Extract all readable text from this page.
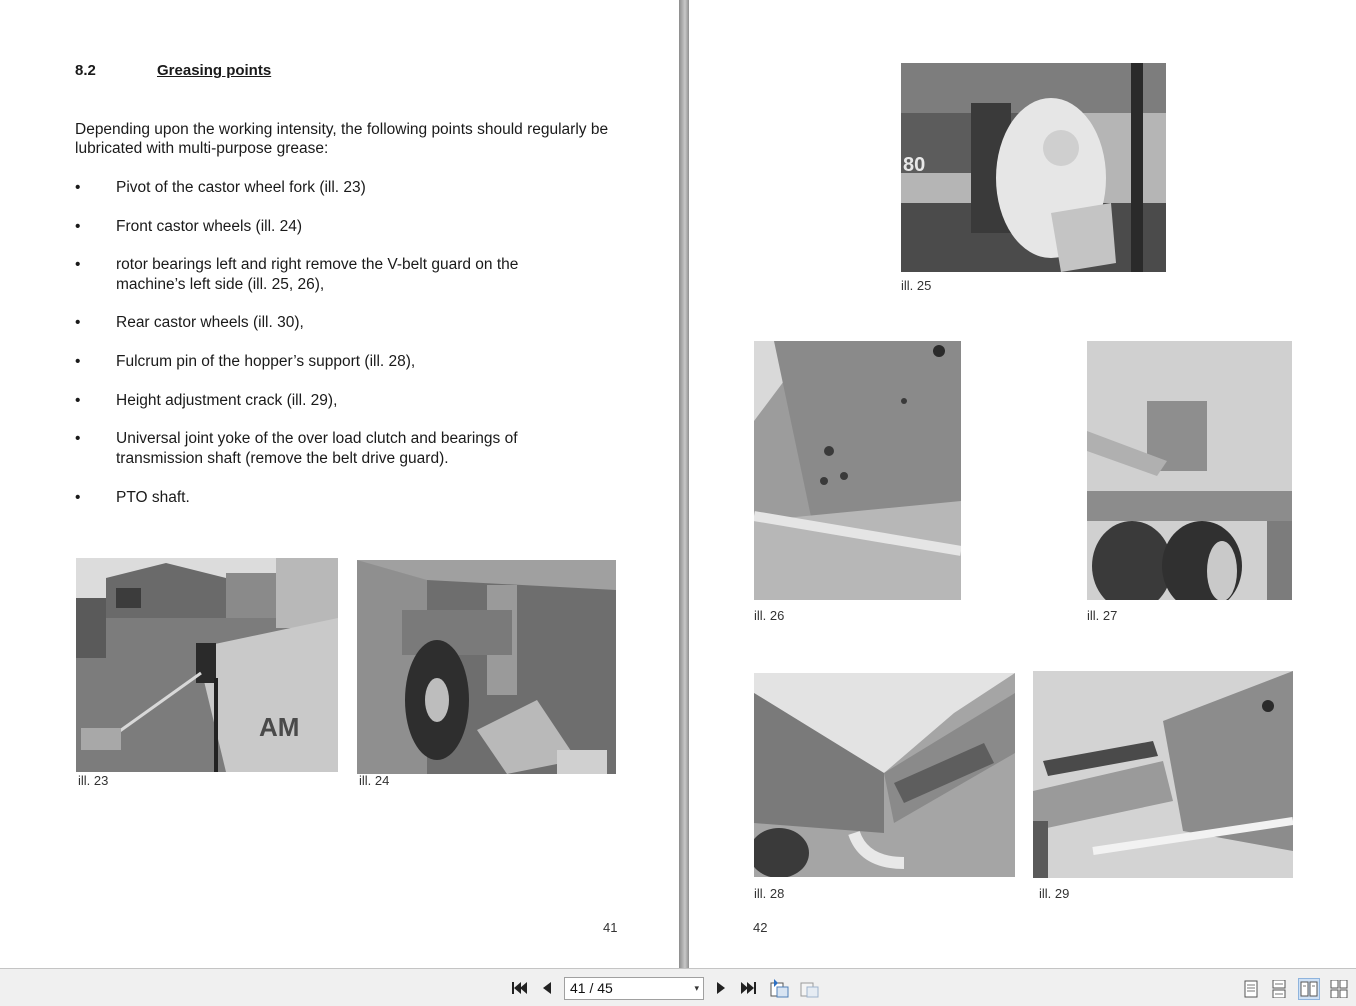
8.2	Greasing points

Depending upon the working intensity, the following points should regularly be lubricated with multi-purpose grease:

•	Pivot of the castor wheel fork (ill. 23)
•	Front castor wheels (ill. 24)
•	rotor bearings left and right remove the V-belt guard on the machine’s left side (ill. 25, 26),
•	Rear castor wheels (ill. 30),
•	Fulcrum pin of the hopper’s support (ill. 28),
•	Height adjustment crack (ill. 29),
•	Universal joint yoke of the over load clutch and bearings of transmission shaft (remove the belt drive guard).
•	PTO shaft.
AM
ill. 23	ill. 24
41
80
ill. 25
ill. 26	ill. 27
ill. 28	ill. 29
42
41 / 45	▾
